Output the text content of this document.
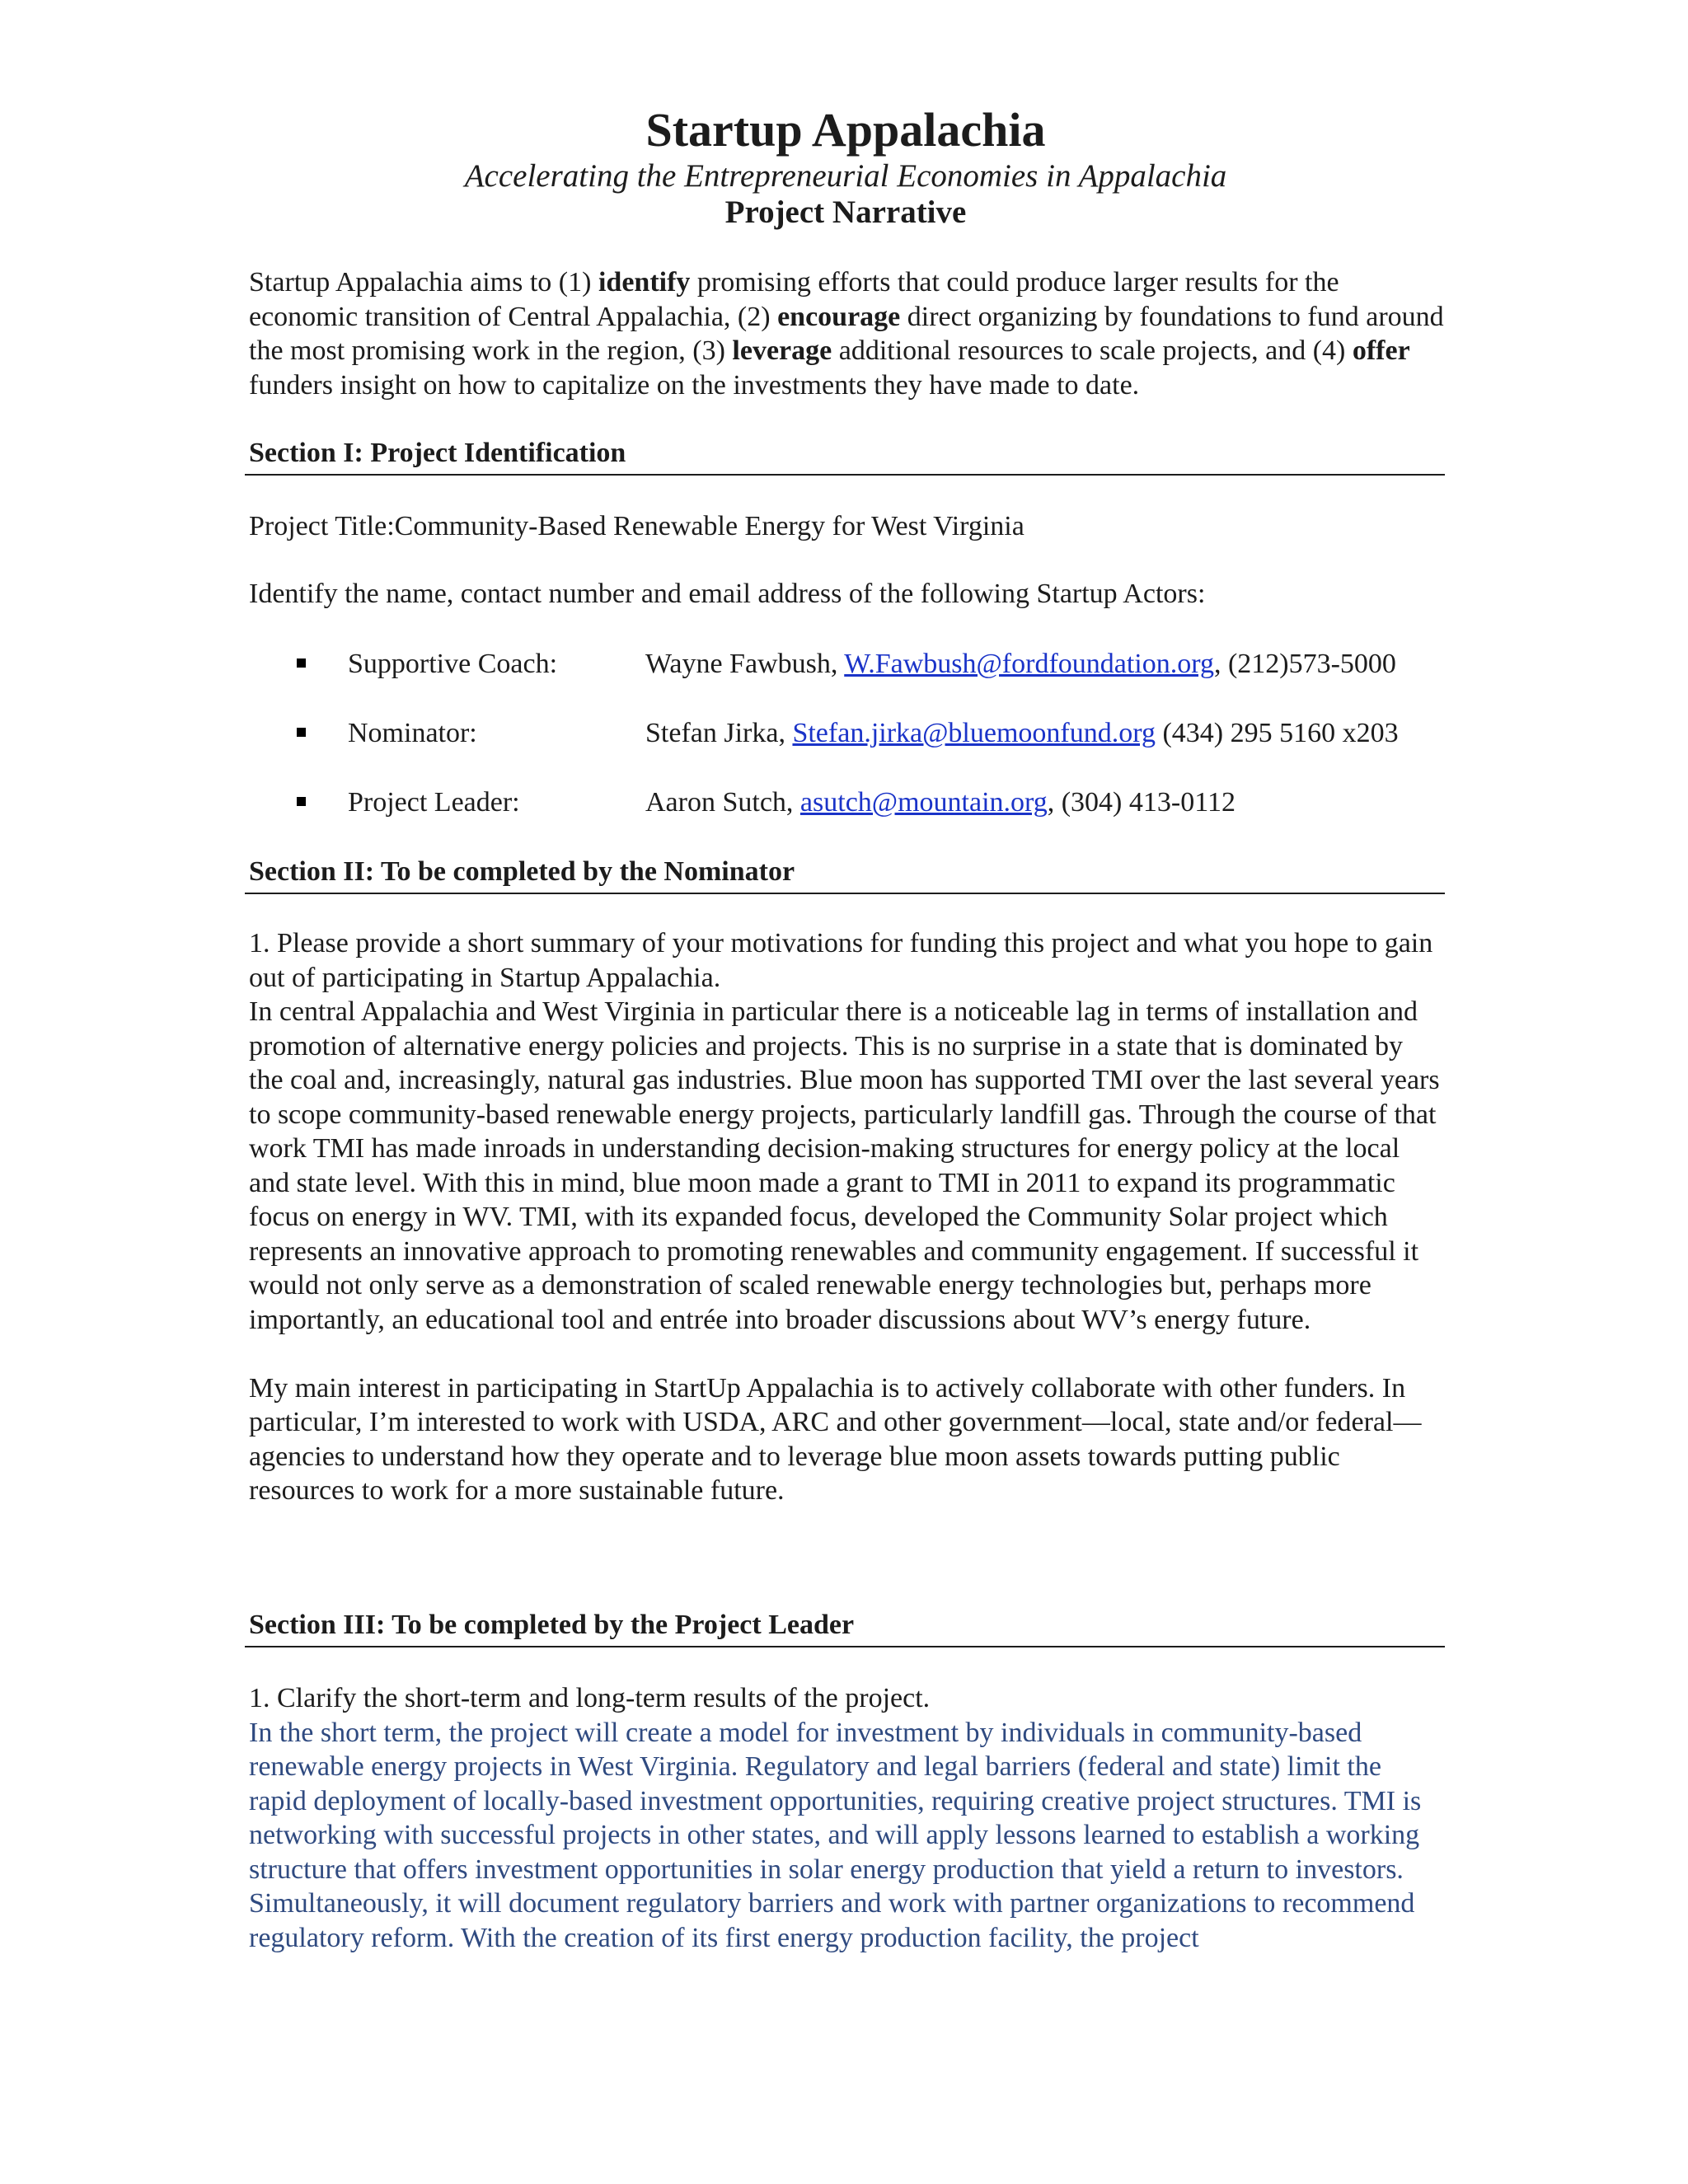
Startup Appalachia
Accelerating the Entrepreneurial Economies in Appalachia
Project Narrative

Startup Appalachia aims to (1) identify promising efforts that could produce larger results for the economic transition of Central Appalachia, (2) encourage direct organizing by foundations to fund around the most promising work in the region, (3) leverage additional resources to scale projects, and (4) offer funders insight on how to capitalize on the investments they have made to date.

Section I: Project Identification
Project Title:Community-Based Renewable Energy for West Virginia
Identify the name, contact number and email address of the following Startup Actors:
Supportive Coach:	Wayne Fawbush, W.Fawbush@fordfoundation.org, (212)573-5000
Nominator:	Stefan Jirka, Stefan.jirka@bluemoonfund.org (434) 295 5160 x203
Project Leader:	Aaron Sutch, asutch@mountain.org, (304) 413-0112
Section II: To be completed by the Nominator

1. Please provide a short summary of your motivations for funding this project and what you hope to gain out of participating in Startup Appalachia.

In central Appalachia and West Virginia in particular there is a noticeable lag in terms of installation and promotion of alternative energy policies and projects. This is no surprise in a state that is dominated by the coal and, increasingly, natural gas industries. Blue moon has supported TMI over the last several years to scope community-based renewable energy projects, particularly landfill gas. Through the course of that work TMI has made inroads in understanding decision-making structures for energy policy at the local and state level. With this in mind, blue moon made a grant to TMI in 2011 to expand its programmatic focus on energy in WV. TMI, with its expanded focus, developed the Community Solar project which represents an innovative approach to promoting renewables and community engagement. If successful it would not only serve as a demonstration of scaled renewable energy technologies but, perhaps more importantly, an educational tool and entrée into broader discussions about WV’s energy future.

My main interest in participating in StartUp Appalachia is to actively collaborate with other funders. In particular, I’m interested to work with USDA, ARC and other government—local, state and/or federal—agencies to understand how they operate and to leverage blue moon assets towards putting public resources to work for a more sustainable future.

Section III: To be completed by the Project Leader

1. Clarify the short-term and long-term results of the project.

In the short term, the project will create a model for investment by individuals in community-based renewable energy projects in West Virginia. Regulatory and legal barriers (federal and state) limit the rapid deployment of locally-based investment opportunities, requiring creative project structures. TMI is networking with successful projects in other states, and will apply lessons learned to establish a working structure that offers investment opportunities in solar energy production that yield a return to investors. Simultaneously, it will document regulatory barriers and work with partner organizations to recommend regulatory reform. With the creation of its first energy production facility, the project
